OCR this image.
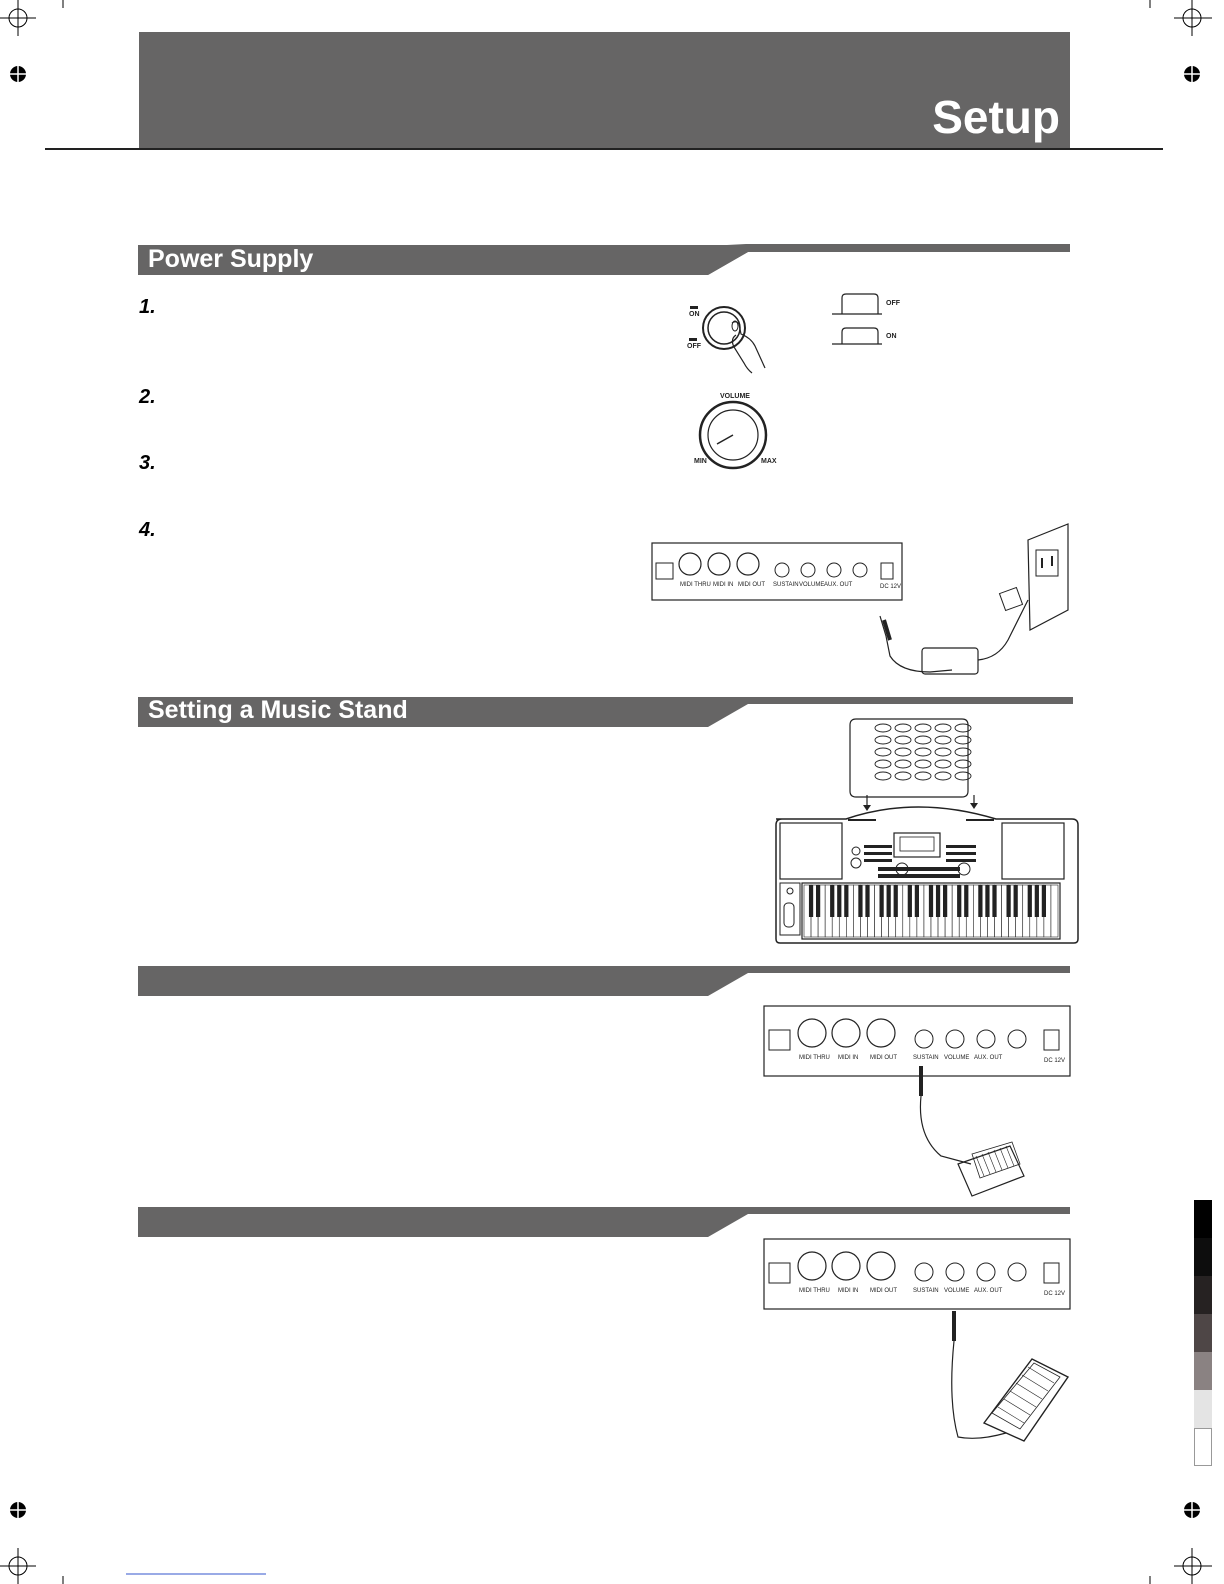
Setup
Power Supply
Setting a Music Stand
1.
2.
3.
4.
ON
OFF
OFF
ON
VOLUME
MIN	MAX
MIDI THRU MIDI IN MIDI OUT SUSTAIN VOLUME AUX. OUT	DC 12V
MIDI THRU MIDI IN MIDI OUT	SUSTAIN VOLUME AUX. OUT	DC 12V
MIDI THRU MIDI IN MIDI OUT	SUSTAIN VOLUME AUX. OUT	DC 12V
